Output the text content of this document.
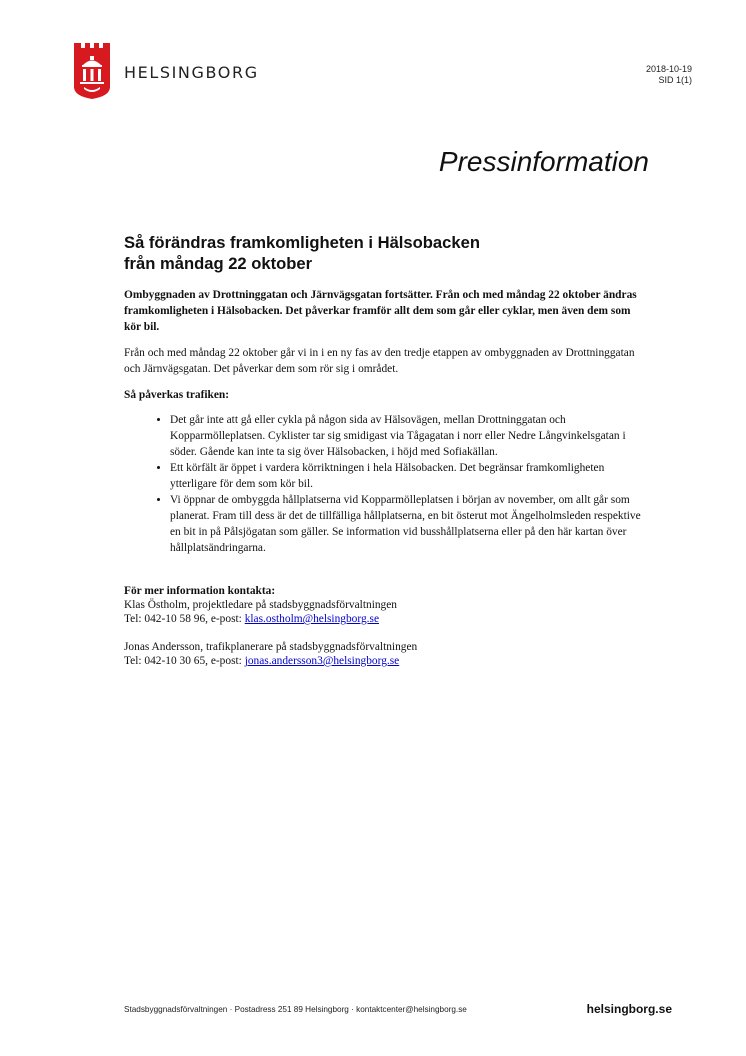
HELSINGBORG	2018-10-19
SID 1(1)
Pressinformation
Så förändras framkomligheten i Hälsobacken
från måndag 22 oktober

Ombyggnaden av Drottninggatan och Järnvägsgatan fortsätter. Från och med måndag 22 oktober ändras framkomligheten i Hälsobacken. Det påverkar framför allt dem som går eller cyklar, men även dem som kör bil.

Från och med måndag 22 oktober går vi in i en ny fas av den tredje etappen av ombyggnaden av Drottninggatan och Järnvägsgatan. Det påverkar dem som rör sig i området.

Så påverkas trafiken:

• Det går inte att gå eller cykla på någon sida av Hälsovägen, mellan Drottninggatan och Kopparmölleplatsen. Cyklister tar sig smidigast via Tågagatan i norr eller Nedre Långvinkelsgatan i söder. Gående kan inte ta sig över Hälsobacken, i höjd med Sofiakällan.
• Ett körfält är öppet i vardera körriktningen i hela Hälsobacken. Det begränsar framkomligheten ytterligare för dem som kör bil.
• Vi öppnar de ombyggda hållplatserna vid Kopparmölleplatsen i början av november, om allt går som planerat. Fram till dess är det de tillfälliga hållplatserna, en bit österut mot Ängelholmsleden respektive en bit in på Pålsjögatan som gäller. Se information vid busshållplatserna eller på den här kartan över hållplatsändringarna.
För mer information kontakta:
Klas Östholm, projektledare på stadsbyggnadsförvaltningen
Tel: 042-10 58 96, e-post: klas.ostholm@helsingborg.se
Jonas Andersson, trafikplanerare på stadsbyggnadsförvaltningen
Tel: 042-10 30 65, e-post: jonas.andersson3@helsingborg.se
Stadsbyggnadsförvaltningen · Postadress 251 89 Helsingborg · kontaktcenter@helsingborg.se	helsingborg.se
